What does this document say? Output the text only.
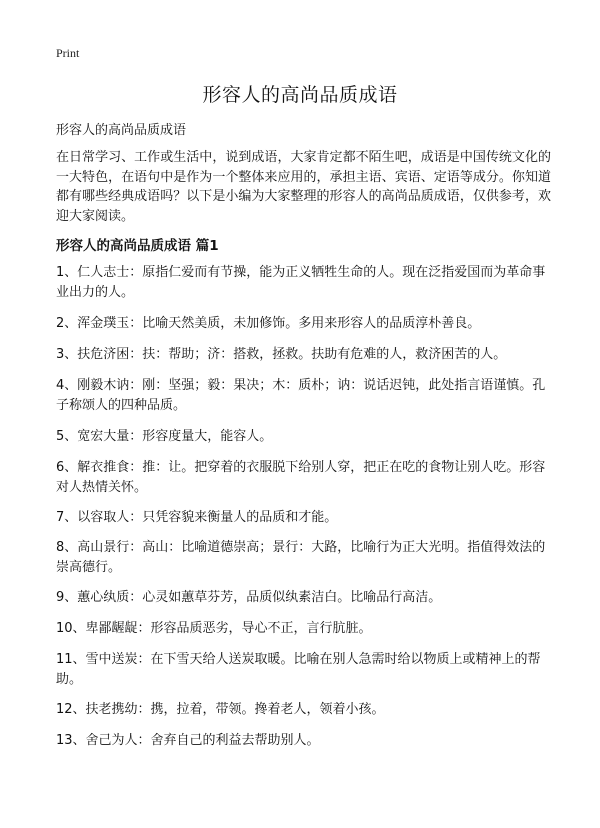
Print
形容人的高尚品质成语
形容人的高尚品质成语

在日常学习、工作或生活中，说到成语，大家肯定都不陌生吧，成语是中国传统文化的一大特色，在语句中是作为一个整体来应用的，承担主语、宾语、定语等成分。你知道都有哪些经典成语吗？以下是小编为大家整理的形容人的高尚品质成语，仅供参考，欢迎大家阅读。

形容人的高尚品质成语 篇1

1、仁人志士：原指仁爱而有节操，能为正义牺牲生命的人。现在泛指爱国而为革命事业出力的人。

2、浑金璞玉：比喻天然美质，未加修饰。多用来形容人的品质淳朴善良。

3、扶危济困：扶：帮助；济：搭救，拯救。扶助有危难的人，救济困苦的人。

4、刚毅木讷：刚：坚强；毅：果决；木：质朴；讷：说话迟钝，此处指言语谨慎。孔子称颂人的四种品质。

5、宽宏大量：形容度量大，能容人。

6、解衣推食：推：让。把穿着的衣服脱下给别人穿，把正在吃的食物让别人吃。形容对人热情关怀。

7、以容取人：只凭容貌来衡量人的品质和才能。

8、高山景行：高山：比喻道德崇高；景行：大路，比喻行为正大光明。指值得效法的崇高德行。

9、蕙心纨质：心灵如蕙草芬芳，品质似纨素洁白。比喻品行高洁。

10、卑鄙龌龊：形容品质恶劣，导心不正，言行肮脏。

11、雪中送炭：在下雪天给人送炭取暖。比喻在别人急需时给以物质上或精神上的帮助。

12、扶老携幼：携，拉着，带领。搀着老人，领着小孩。

13、舍己为人：舍弃自己的利益去帮助别人。
